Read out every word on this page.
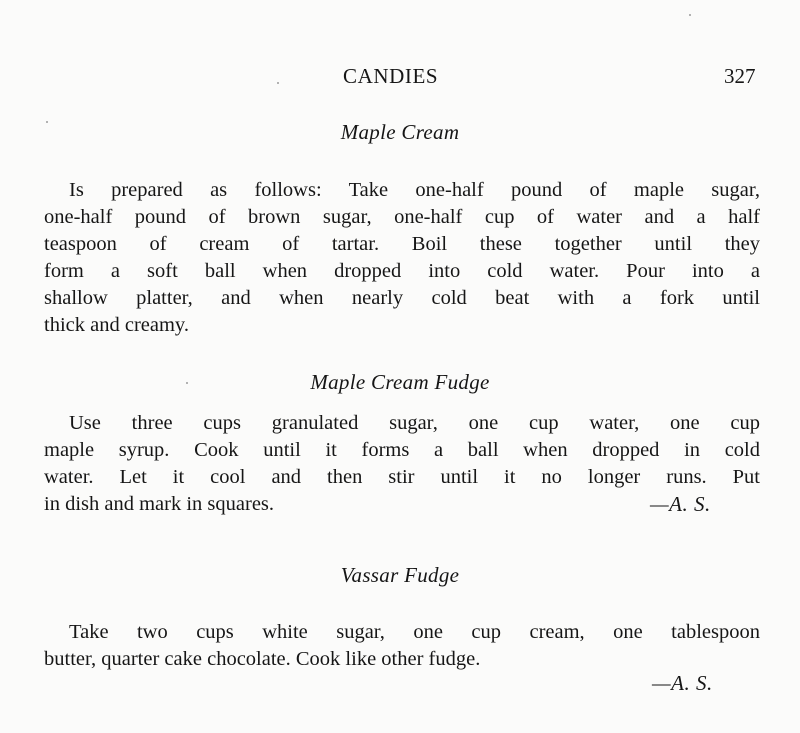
CANDIES	327
Maple Cream
Is prepared as follows: Take one-half pound of maple sugar,
one-half pound of brown sugar, one-half cup of water and a half
teaspoon of cream of tartar. Boil these together until they
form a soft ball when dropped into cold water. Pour into a
shallow platter, and when nearly cold beat with a fork until
thick and creamy.
Maple Cream Fudge
Use three cups granulated sugar, one cup water, one cup
maple syrup. Cook until it forms a ball when dropped in cold
water. Let it cool and then stir until it no longer runs. Put
in dish and mark in squares.	—A. S.
Vassar Fudge
Take two cups white sugar, one cup cream, one tablespoon
butter, quarter cake chocolate. Cook like other fudge.
—A. S.
